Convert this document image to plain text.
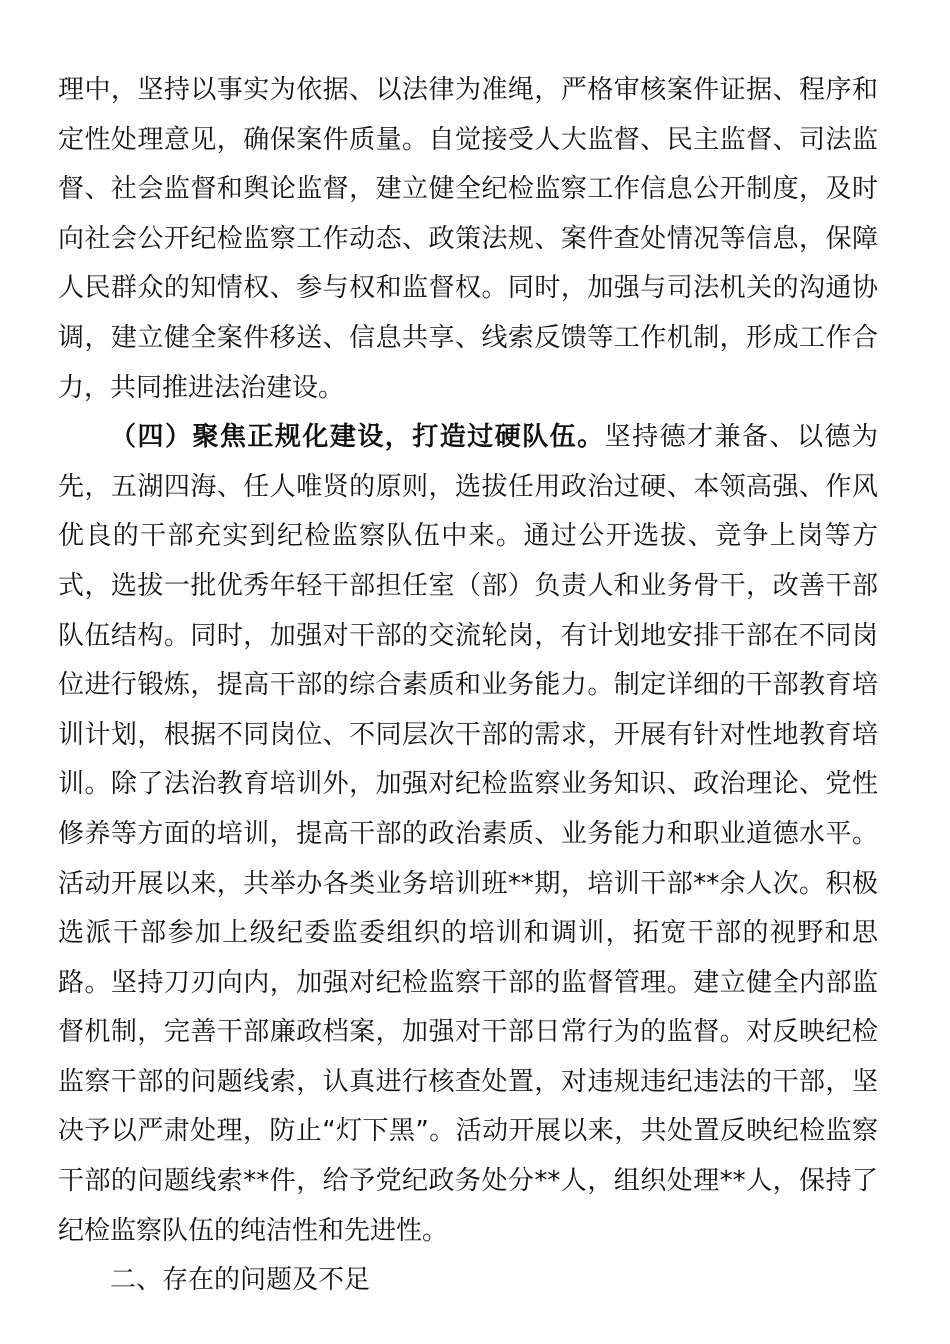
理中，坚持以事实为依据、以法律为准绳，严格审核案件证据、程序和定性处理意见，确保案件质量。自觉接受人大监督、民主监督、司法监督、社会监督和舆论监督，建立健全纪检监察工作信息公开制度，及时向社会公开纪检监察工作动态、政策法规、案件查处情况等信息，保障人民群众的知情权、参与权和监督权。同时，加强与司法机关的沟通协调，建立健全案件移送、信息共享、线索反馈等工作机制，形成工作合力，共同推进法治建设。

（四）聚焦正规化建设，打造过硬队伍。坚持德才兼备、以德为先，五湖四海、任人唯贤的原则，选拔任用政治过硬、本领高强、作风优良的干部充实到纪检监察队伍中来。通过公开选拔、竞争上岗等方式，选拔一批优秀年轻干部担任室（部）负责人和业务骨干，改善干部队伍结构。同时，加强对干部的交流轮岗，有计划地安排干部在不同岗位进行锻炼，提高干部的综合素质和业务能力。制定详细的干部教育培训计划，根据不同岗位、不同层次干部的需求，开展有针对性地教育培训。除了法治教育培训外，加强对纪检监察业务知识、政治理论、党性修养等方面的培训，提高干部的政治素质、业务能力和职业道德水平。活动开展以来，共举办各类业务培训班**期，培训干部**余人次。积极选派干部参加上级纪委监委组织的培训和调训，拓宽干部的视野和思路。坚持刀刃向内，加强对纪检监察干部的监督管理。建立健全内部监督机制，完善干部廉政档案，加强对干部日常行为的监督。对反映纪检监察干部的问题线索，认真进行核查处置，对违规违纪违法的干部，坚决予以严肃处理，防止“灯下黑”。活动开展以来，共处置反映纪检监察干部的问题线索**件，给予党纪政务处分**人，组织处理**人，保持了纪检监察队伍的纯洁性和先进性。

二、存在的问题及不足
